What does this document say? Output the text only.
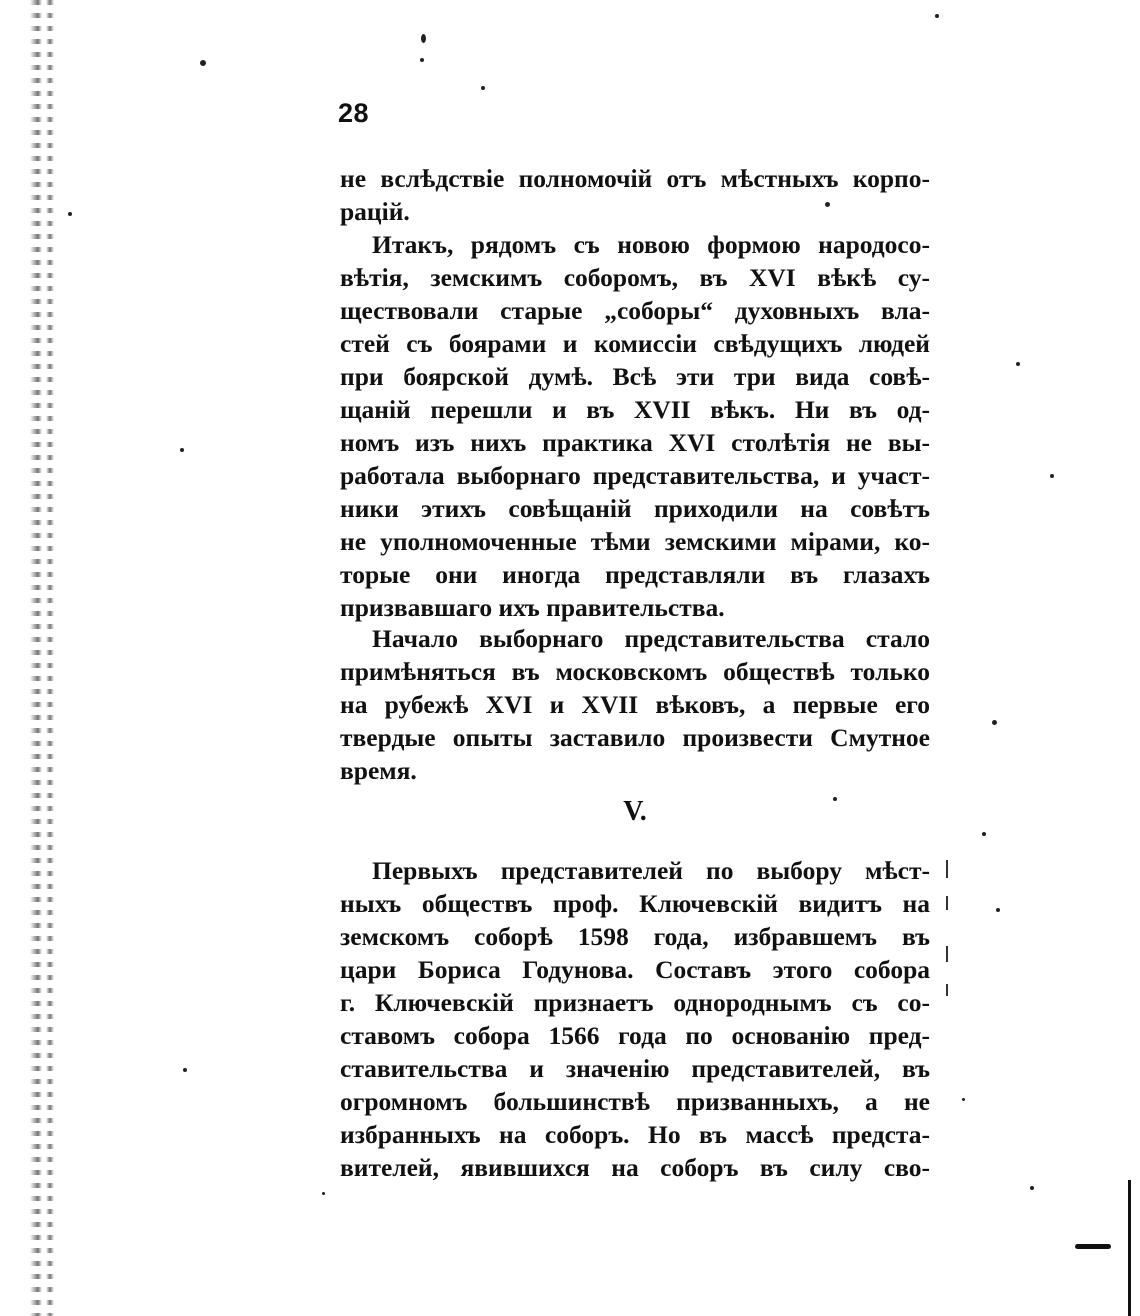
28
не вслѣдствіе полномочій отъ мѣстныхъ корпо-
рацій.
Итакъ, рядомъ съ новою формою народосо-
вѣтія, земскимъ соборомъ, въ XVI вѣкѣ су-
ществовали старые „соборы“ духовныхъ вла-
стей съ боярами и комиссіи свѣдущихъ людей
при боярской думѣ. Всѣ эти три вида совѣ-
щаній перешли и въ XVII вѣкъ. Ни въ од-
номъ изъ нихъ практика XVI столѣтія не вы-
работала выборнаго представительства, и участ-
ники этихъ совѣщаній приходили на совѣтъ
не уполномоченные тѣми земскими мірами, ко-
торые они иногда представляли въ глазахъ
призвавшаго ихъ правительства.
Начало выборнаго представительства стало
примѣняться въ московскомъ обществѣ только
на рубежѣ XVI и XVII вѣковъ, а первые его
твердые опыты заставило произвести Смутное
время.
V.
Первыхъ представителей по выбору мѣст-
ныхъ обществъ проф. Ключевскій видитъ на
земскомъ соборѣ 1598 года, избравшемъ въ
цари Бориса Годунова. Составъ этого собора
г. Ключевскій признаетъ однороднымъ съ со-
ставомъ собора 1566 года по основанію пред-
ставительства и значенію представителей, въ
огромномъ большинствѣ призванныхъ, а не
избранныхъ на соборъ. Но въ массѣ предста-
вителей, явившихся на соборъ въ силу сво-
